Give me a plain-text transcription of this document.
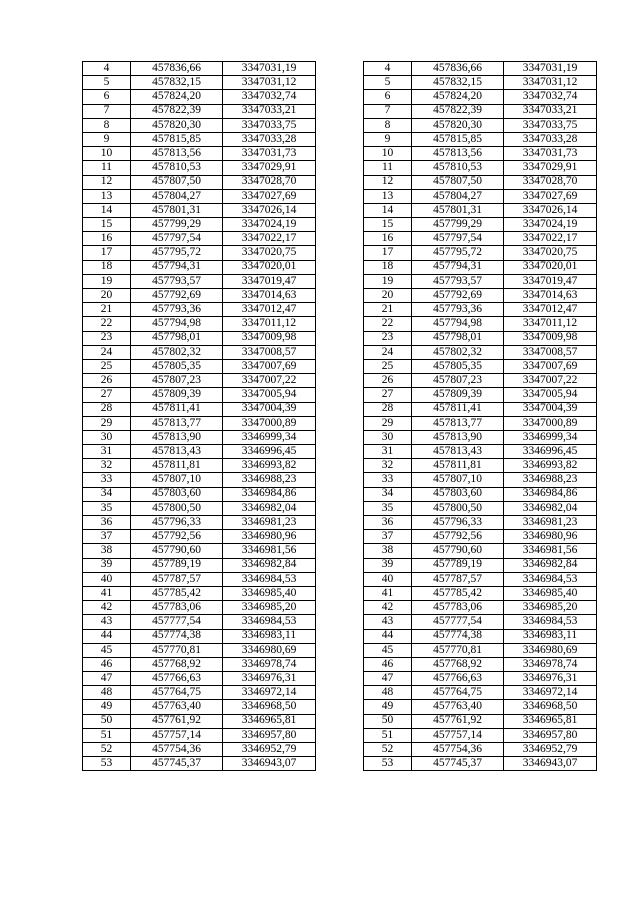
4	457836,66	3347031,19		4	457836,66	3347031,19
5	457832,15	3347031,12		5	457832,15	3347031,12
6	457824,20	3347032,74		6	457824,20	3347032,74
7	457822,39	3347033,21		7	457822,39	3347033,21
8	457820,30	3347033,75		8	457820,30	3347033,75
9	457815,85	3347033,28		9	457815,85	3347033,28
10	457813,56	3347031,73		10	457813,56	3347031,73
11	457810,53	3347029,91		11	457810,53	3347029,91
12	457807,50	3347028,70		12	457807,50	3347028,70
13	457804,27	3347027,69		13	457804,27	3347027,69
14	457801,31	3347026,14		14	457801,31	3347026,14
15	457799,29	3347024,19		15	457799,29	3347024,19
16	457797,54	3347022,17		16	457797,54	3347022,17
17	457795,72	3347020,75		17	457795,72	3347020,75
18	457794,31	3347020,01		18	457794,31	3347020,01
19	457793,57	3347019,47		19	457793,57	3347019,47
20	457792,69	3347014,63		20	457792,69	3347014,63
21	457793,36	3347012,47		21	457793,36	3347012,47
22	457794,98	3347011,12		22	457794,98	3347011,12
23	457798,01	3347009,98		23	457798,01	3347009,98
24	457802,32	3347008,57		24	457802,32	3347008,57
25	457805,35	3347007,69		25	457805,35	3347007,69
26	457807,23	3347007,22		26	457807,23	3347007,22
27	457809,39	3347005,94		27	457809,39	3347005,94
28	457811,41	3347004,39		28	457811,41	3347004,39
29	457813,77	3347000,89		29	457813,77	3347000,89
30	457813,90	3346999,34		30	457813,90	3346999,34
31	457813,43	3346996,45		31	457813,43	3346996,45
32	457811,81	3346993,82		32	457811,81	3346993,82
33	457807,10	3346988,23		33	457807,10	3346988,23
34	457803,60	3346984,86		34	457803,60	3346984,86
35	457800,50	3346982,04		35	457800,50	3346982,04
36	457796,33	3346981,23		36	457796,33	3346981,23
37	457792,56	3346980,96		37	457792,56	3346980,96
38	457790,60	3346981,56		38	457790,60	3346981,56
39	457789,19	3346982,84		39	457789,19	3346982,84
40	457787,57	3346984,53		40	457787,57	3346984,53
41	457785,42	3346985,40		41	457785,42	3346985,40
42	457783,06	3346985,20		42	457783,06	3346985,20
43	457777,54	3346984,53		43	457777,54	3346984,53
44	457774,38	3346983,11		44	457774,38	3346983,11
45	457770,81	3346980,69		45	457770,81	3346980,69
46	457768,92	3346978,74		46	457768,92	3346978,74
47	457766,63	3346976,31		47	457766,63	3346976,31
48	457764,75	3346972,14		48	457764,75	3346972,14
49	457763,40	3346968,50		49	457763,40	3346968,50
50	457761,92	3346965,81		50	457761,92	3346965,81
51	457757,14	3346957,80		51	457757,14	3346957,80
52	457754,36	3346952,79		52	457754,36	3346952,79
53	457745,37	3346943,07		53	457745,37	3346943,07
